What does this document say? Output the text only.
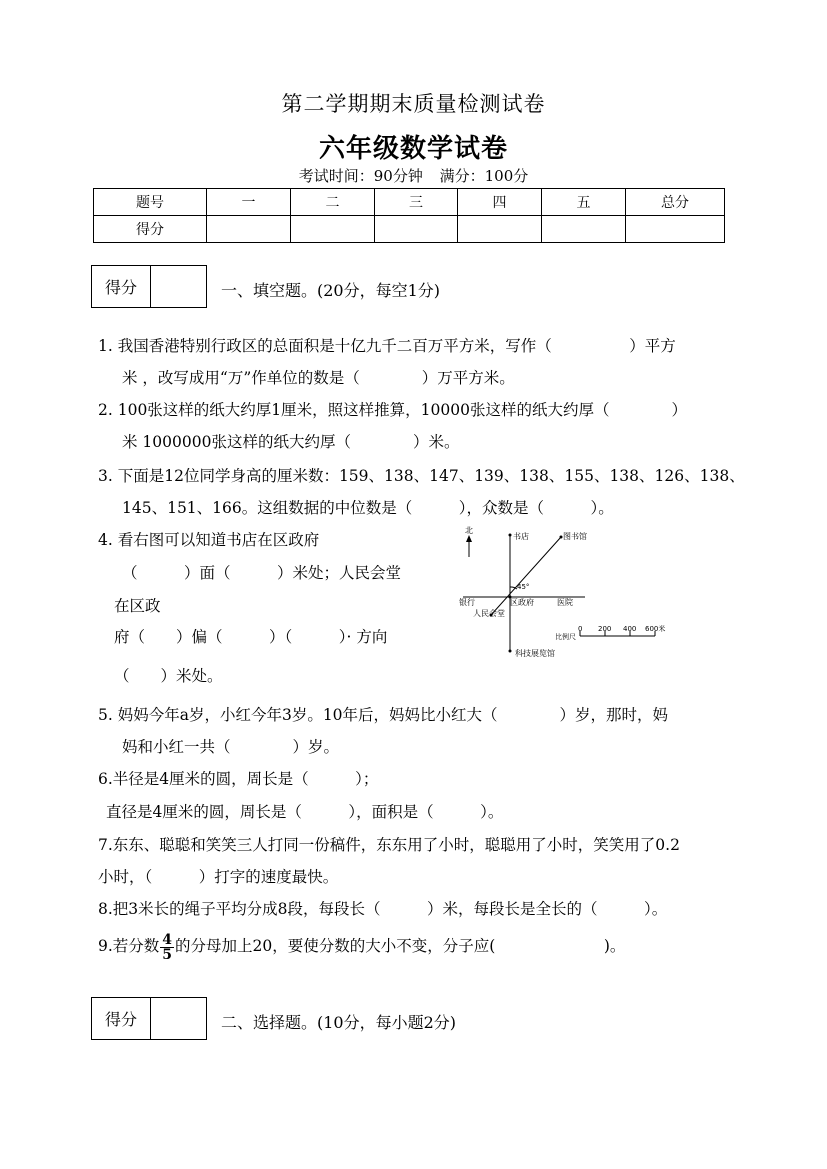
第二学期期末质量检测试卷
六年级数学试卷
考试时间：90分钟 满分：100分
题号	一	二	三	四	五	总分
得分						
得分	一、填空题。(20分，每空1分)
1. 我国香港特别行政区的总面积是十亿九千二百万平方米，写作（　　　　　）平方
米 ，改写成用“万”作单位的数是（　　　　）万平方米。
2. 100张这样的纸大约厚1厘米，照这样推算，10000张这样的纸大约厚（　　　　）
米 1000000张这样的纸大约厚（　　　　）米。
3. 下面是12位同学身高的厘米数：159、138、147、139、138、155、138、126、138、
145、151、166。这组数据的中位数是（　　　），众数是（　　　）。
4. 看右图可以知道书店在区政府
（　　　）面（　　　）米处；人民会堂
在区政
府（　　）偏（　　　）（　　　）· 方向
（　　）米处。
北
书店	图书馆
45°
银行	区政府	医院
人民会堂
比例尺
0 200 400 600米
科技展览馆
5. 妈妈今年a岁，小红今年3岁。10年后，妈妈比小红大（　　　　）岁，那时，妈
妈和小红一共（　　　　）岁。
6.半径是4厘米的圆，周长是（　　　）；
直径是4厘米的圆，周长是（　　　），面积是（　　　）。
7.东东、聪聪和笑笑三人打同一份稿件，东东用了小时，聪聪用了小时，笑笑用了0.2
小时，（　　　）打字的速度最快。
8.把3米长的绳子平均分成8段，每段长（　　　）米，每段长是全长的（　　　）。
9.若分数 $\frac{4}{5}$ 的分母加上20，要使分数的大小不变，分子应(　　　　　　　)。
得分	二、选择题。(10分，每小题2分)
